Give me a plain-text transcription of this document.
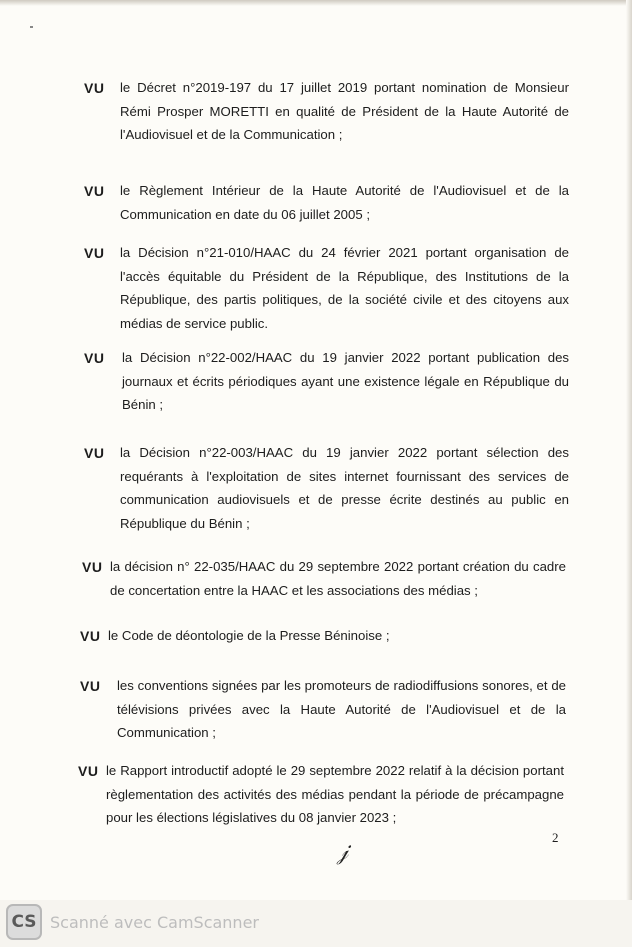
VU le Décret n°2019-197 du 17 juillet 2019 portant nomination de Monsieur Rémi Prosper MORETTI en qualité de Président de la Haute Autorité de l'Audiovisuel et de la Communication ;
VU le Règlement Intérieur de la Haute Autorité de l'Audiovisuel et de la Communication en date du 06 juillet 2005 ;
VU la Décision n°21-010/HAAC du 24 février 2021 portant organisation de l'accès équitable du Président de la République, des Institutions de la République, des partis politiques, de la société civile et des citoyens aux médias de service public.
VU la Décision n°22-002/HAAC du 19 janvier 2022 portant publication des journaux et écrits périodiques ayant une existence légale en République du Bénin ;
VU la Décision n°22-003/HAAC du 19 janvier 2022 portant sélection des requérants à l'exploitation de sites internet fournissant des services de communication audiovisuels et de presse écrite destinés au public en République du Bénin ;
VU la décision n° 22-035/HAAC du 29 septembre 2022 portant création du cadre de concertation entre la HAAC et les associations des médias ;
VU le Code de déontologie de la Presse Béninoise ;
VU les conventions signées par les promoteurs de radiodiffusions sonores, et de télévisions privées avec la Haute Autorité de l'Audiovisuel et de la Communication ;
VU le Rapport introductif adopté le 29 septembre 2022 relatif à la décision portant règlementation des activités des médias pendant la période de précampagne pour les élections législatives du 08 janvier 2023 ;
2
𝒿
CS Scanné avec CamScanner
